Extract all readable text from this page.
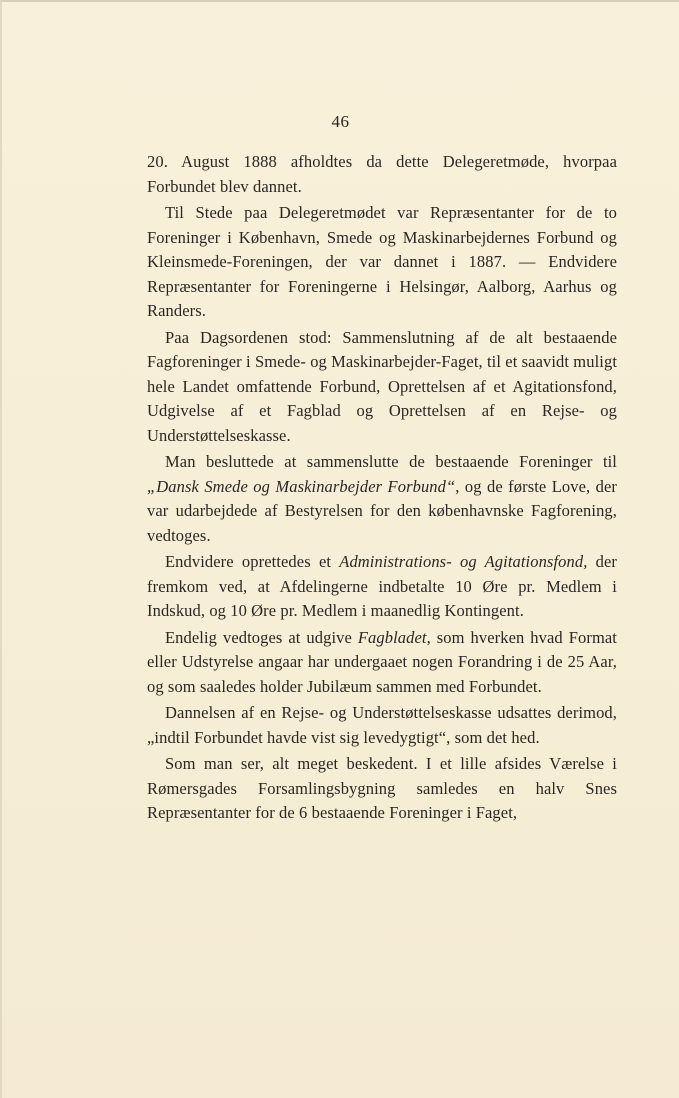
46

20. August 1888 afholdtes da dette Delegeretmøde, hvorpaa Forbundet blev dannet.

Til Stede paa Delegeretmødet var Repræsentanter for de to Foreninger i København, Smede og Maskinarbejdernes Forbund og Kleinsmede-Foreningen, der var dannet i 1887. — Endvidere Repræsentanter for Foreningerne i Helsingør, Aalborg, Aarhus og Randers.

Paa Dagsordenen stod: Sammenslutning af de alt bestaaende Fagforeninger i Smede- og Maskinarbejder-Faget, til et saavidt muligt hele Landet omfattende Forbund, Oprettelsen af et Agitationsfond, Udgivelse af et Fagblad og Oprettelsen af en Rejse- og Understøttelseskasse.

Man besluttede at sammenslutte de bestaaende Foreninger til „Dansk Smede og Maskinarbejder Forbund“, og de første Love, der var udarbejdede af Bestyrelsen for den københavnske Fagforening, vedtoges.

Endvidere oprettedes et Administrations- og Agitationsfond, der fremkom ved, at Afdelingerne indbetalte 10 Øre pr. Medlem i Indskud, og 10 Øre pr. Medlem i maanedlig Kontingent.

Endelig vedtoges at udgive Fagbladet, som hverken hvad Format eller Udstyrelse angaar har undergaaet nogen Forandring i de 25 Aar, og som saaledes holder Jubilæum sammen med Forbundet.

Dannelsen af en Rejse- og Understøttelseskasse udsattes derimod, „indtil Forbundet havde vist sig levedygtigt“, som det hed.

Som man ser, alt meget beskedent. I et lille afsides Værelse i Rømersgades Forsamlingsbygning samledes en halv Snes Repræsentanter for de 6 bestaaende Foreninger i Faget,
